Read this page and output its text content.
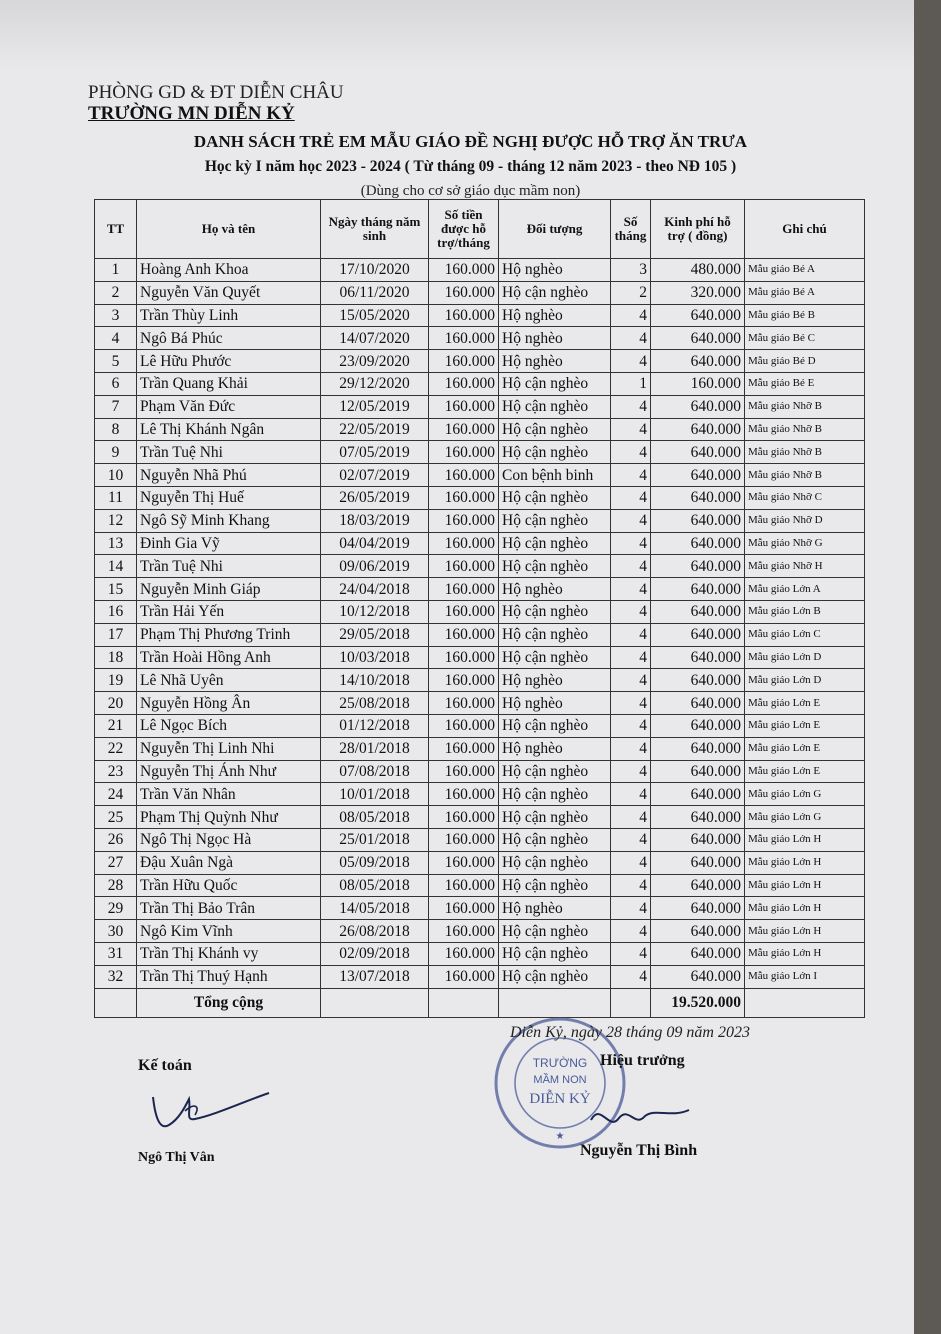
PHÒNG GD & ĐT DIỄN CHÂU
TRƯỜNG MN DIỄN KỶ
DANH SÁCH TRẺ EM MẪU GIÁO ĐỀ NGHỊ ĐƯỢC HỖ TRỢ ĂN TRƯA
Học kỳ I năm học 2023 - 2024 ( Từ tháng 09 - tháng 12 năm 2023 - theo NĐ 105 )
(Dùng cho cơ sở giáo dục mầm non)
TT	Họ và tên	Ngày tháng năm sinh	Số tiền được hỗ trợ/tháng	Đối tượng	Số tháng	Kinh phí hỗ trợ ( đồng)	Ghi chú
1	Hoàng Anh Khoa	17/10/2020	160.000	Hộ nghèo	3	480.000	Mẫu giáo Bé A
2	Nguyễn Văn Quyết	06/11/2020	160.000	Hộ cận nghèo	2	320.000	Mẫu giáo Bé A
3	Trần Thùy Linh	15/05/2020	160.000	Hộ nghèo	4	640.000	Mẫu giáo Bé B
4	Ngô Bá Phúc	14/07/2020	160.000	Hộ nghèo	4	640.000	Mẫu giáo Bé C
5	Lê Hữu Phước	23/09/2020	160.000	Hộ nghèo	4	640.000	Mẫu giáo Bé D
6	Trần Quang Khải	29/12/2020	160.000	Hộ cận nghèo	1	160.000	Mẫu giáo Bé E
7	Phạm Văn Đức	12/05/2019	160.000	Hộ cận nghèo	4	640.000	Mẫu giáo Nhỡ B
8	Lê Thị Khánh Ngân	22/05/2019	160.000	Hộ cận nghèo	4	640.000	Mẫu giáo Nhỡ B
9	Trần Tuệ Nhi	07/05/2019	160.000	Hộ cận nghèo	4	640.000	Mẫu giáo Nhỡ B
10	Nguyễn Nhã Phú	02/07/2019	160.000	Con bệnh binh	4	640.000	Mẫu giáo Nhỡ B
11	Nguyễn Thị Huế	26/05/2019	160.000	Hộ cận nghèo	4	640.000	Mẫu giáo Nhỡ C
12	Ngô Sỹ Minh Khang	18/03/2019	160.000	Hộ cận nghèo	4	640.000	Mẫu giáo Nhỡ D
13	Đinh Gia Vỹ	04/04/2019	160.000	Hộ cận nghèo	4	640.000	Mẫu giáo Nhỡ G
14	Trần Tuệ Nhi	09/06/2019	160.000	Hộ cận nghèo	4	640.000	Mẫu giáo Nhỡ H
15	Nguyễn Minh Giáp	24/04/2018	160.000	Hộ nghèo	4	640.000	Mẫu giáo Lớn A
16	Trần Hải Yến	10/12/2018	160.000	Hộ cận nghèo	4	640.000	Mẫu giáo Lớn B
17	Phạm Thị Phương Trinh	29/05/2018	160.000	Hộ cận nghèo	4	640.000	Mẫu giáo Lớn C
18	Trần Hoài Hồng Anh	10/03/2018	160.000	Hộ cận nghèo	4	640.000	Mẫu giáo Lớn D
19	Lê Nhã Uyên	14/10/2018	160.000	Hộ nghèo	4	640.000	Mẫu giáo Lớn D
20	Nguyễn Hồng Ân	25/08/2018	160.000	Hộ nghèo	4	640.000	Mẫu giáo Lớn E
21	Lê Ngọc Bích	01/12/2018	160.000	Hộ cận nghèo	4	640.000	Mẫu giáo Lớn E
22	Nguyễn Thị Linh Nhi	28/01/2018	160.000	Hộ nghèo	4	640.000	Mẫu giáo Lớn E
23	Nguyễn Thị Ánh Như	07/08/2018	160.000	Hộ cận nghèo	4	640.000	Mẫu giáo Lớn E
24	Trần Văn Nhân	10/01/2018	160.000	Hộ cận nghèo	4	640.000	Mẫu giáo Lớn G
25	Phạm Thị Quỳnh Như	08/05/2018	160.000	Hộ cận nghèo	4	640.000	Mẫu giáo Lớn G
26	Ngô Thị Ngọc Hà	25/01/2018	160.000	Hộ cận nghèo	4	640.000	Mẫu giáo Lớn H
27	Đậu Xuân Ngà	05/09/2018	160.000	Hộ cận nghèo	4	640.000	Mẫu giáo Lớn H
28	Trần Hữu Quốc	08/05/2018	160.000	Hộ cận nghèo	4	640.000	Mẫu giáo Lớn H
29	Trần Thị Bảo Trân	14/05/2018	160.000	Hộ nghèo	4	640.000	Mẫu giáo Lớn H
30	Ngô Kim Vĩnh	26/08/2018	160.000	Hộ cận nghèo	4	640.000	Mẫu giáo Lớn H
31	Trần Thị Khánh vy	02/09/2018	160.000	Hộ cận nghèo	4	640.000	Mẫu giáo Lớn H
32	Trần Thị Thuý Hạnh	13/07/2018	160.000	Hộ cận nghèo	4	640.000	Mẫu giáo Lớn I
	Tổng cộng					19.520.000	
Kế toán
Ngô Thị Vân
TRƯỜNG
MẦM NON
DIỄN KỶ
★
Diễn Kỷ, ngày 28 tháng 09 năm 2023
Hiệu trưởng
Nguyễn Thị Bình
